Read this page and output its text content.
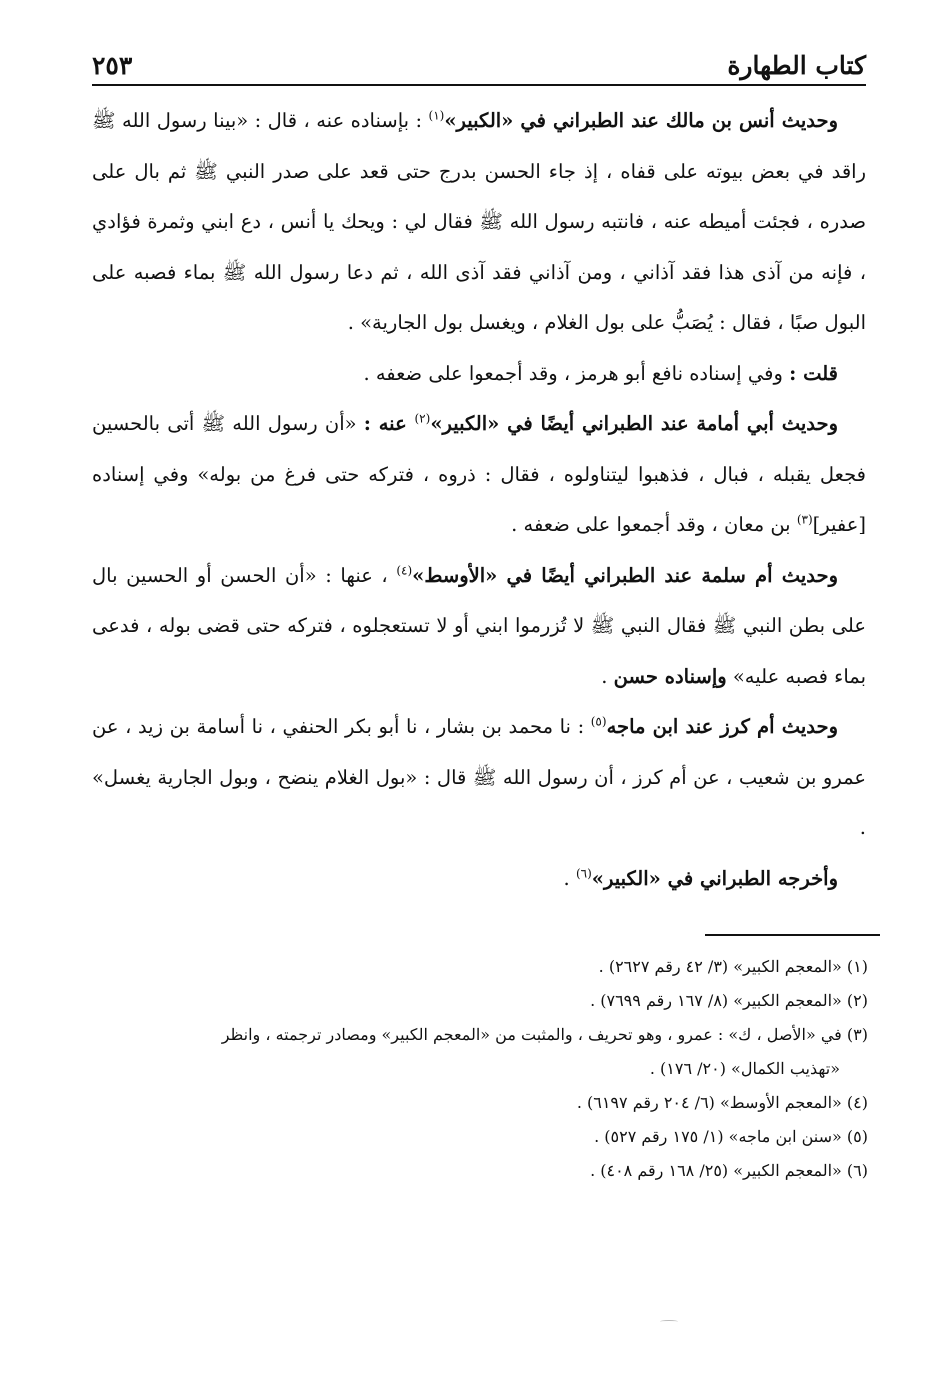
كتاب الطهارة
٢٥٣

وحديث أنس بن مالك عند الطبراني في «الكبير»$^{(١)}$ : بإسناده عنه ، قال : «بينا رسول الله ﷺ راقد في بعض بيوته على قفاه ، إذ جاء الحسن بدرج حتى قعد على صدر النبي ﷺ ثم بال على صدره ، فجئت أميطه عنه ، فانتبه رسول الله ﷺ فقال لي : ويحك يا أنس ، دع ابني وثمرة فؤادي ، فإنه من آذى هذا فقد آذاني ، ومن آذاني فقد آذى الله ، ثم دعا رسول الله ﷺ بماء فصبه على البول صبًا ، فقال : يُصَبُّ على بول الغلام ، ويغسل بول الجارية» .

قلت : وفي إسناده نافع أبو هرمز ، وقد أجمعوا على ضعفه .

وحديث أبي أمامة عند الطبراني أيضًا في «الكبير»$^{(٢)}$ عنه : «أن رسول الله ﷺ أتى بالحسين فجعل يقبله ، فبال ، فذهبوا ليتناولوه ، فقال : ذروه ، فتركه حتى فرغ من بوله» وفي إسناده [عفير]$^{(٣)}$ بن معان ، وقد أجمعوا على ضعفه .

وحديث أم سلمة عند الطبراني أيضًا في «الأوسط»$^{(٤)}$ ، عنها : «أن الحسن أو الحسين بال على بطن النبي ﷺ فقال النبي ﷺ لا تُزرموا ابني أو لا تستعجلوه ، فتركه حتى قضى بوله ، فدعى بماء فصبه عليه» وإسناده حسن .

وحديث أم كرز عند ابن ماجه$^{(٥)}$ : نا محمد بن بشار ، نا أبو بكر الحنفي ، نا أسامة بن زيد ، عن عمرو بن شعيب ، عن أم كرز ، أن رسول الله ﷺ قال : «بول الغلام ينضح ، وبول الجارية يغسل» .

وأخرجه الطبراني في «الكبير»$^{(٦)}$ .

(١) «المعجم الكبير» (٣/ ٤٢ رقم ٢٦٢٧) .

(٢) «المعجم الكبير» (٨/ ١٦٧ رقم ٧٦٩٩) .

(٣) في «الأصل ، ك» : عمرو ، وهو تحريف ، والمثبت من «المعجم الكبير» ومصادر ترجمته ، وانظر

«تهذيب الكمال» (٢٠/ ١٧٦) .

(٤) «المعجم الأوسط» (٦/ ٢٠٤ رقم ٦١٩٧) .

(٥) «سنن ابن ماجه» (١/ ١٧٥ رقم ٥٢٧) .

(٦) «المعجم الكبير» (٢٥/ ١٦٨ رقم ٤٠٨) .
